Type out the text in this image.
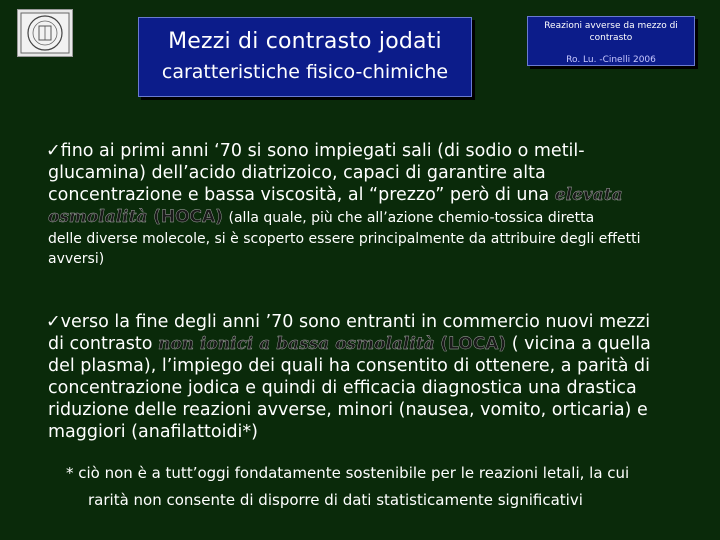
Mezzi di contrasto jodati
caratteristiche fisico-chimiche
Reazioni avverse da mezzo di contrasto
Ro. Lu. -Cinelli 2006
✓fino ai primi anni ‘70 si sono impiegati sali (di sodio o metil-glucamina) dell’acido diatrizoico, capaci di garantire alta concentrazione e bassa viscosità, al “prezzo” però di una elevata osmolalità (HOCA) (alla quale, più che all’azione chemio-tossica diretta
delle diverse molecole, si è scoperto essere principalmente da attribuire degli effetti avversi)
✓verso la fine degli anni ’70 sono entranti in commercio nuovi mezzi di contrasto non ionici a bassa osmolalità (LOCA) ( vicina a quella del plasma), l’impiego dei quali ha consentito di ottenere, a parità di concentrazione jodica e quindi di efficacia diagnostica una drastica riduzione delle reazioni avverse, minori (nausea, vomito, orticaria) e maggiori (anafilattoidi*)
* ciò non è a tutt’oggi fondatamente sostenibile per le reazioni letali, la cui
rarità non consente di disporre di dati statisticamente significativi
